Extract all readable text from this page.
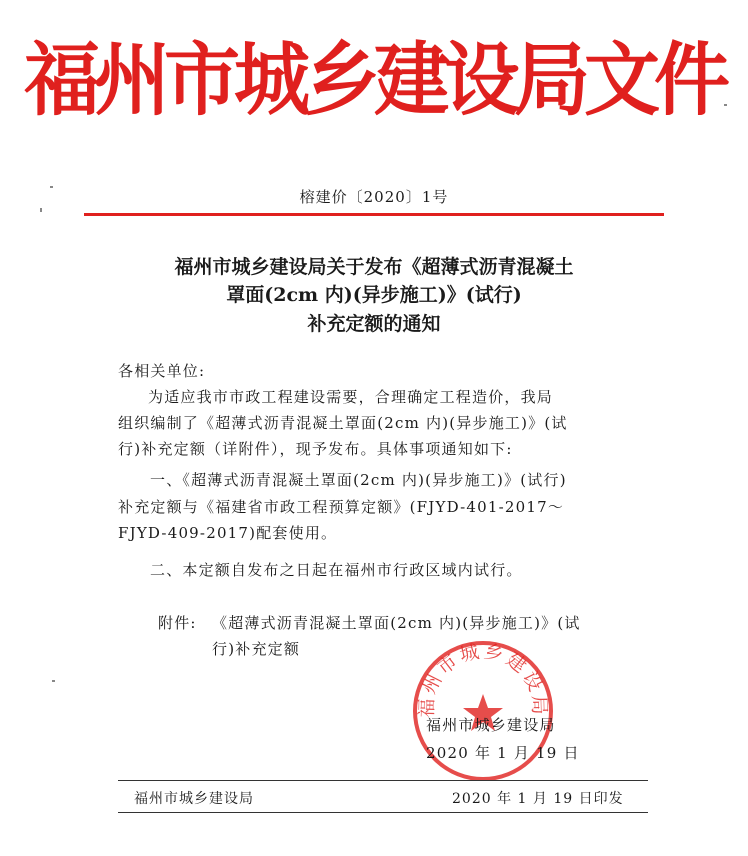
福州市城乡建设局文件
榕建价〔2020〕1号
福州市城乡建设局关于发布《超薄式沥青混凝土
罩面(2cm 内)(异步施工)》(试行)
补充定额的通知
各相关单位:
为适应我市市政工程建设需要，合理确定工程造价，我局
组织编制了《超薄式沥青混凝土罩面(2cm 内)(异步施工)》(试
行)补充定额（详附件），现予发布。具体事项通知如下:
一、《超薄式沥青混凝土罩面(2cm 内)(异步施工)》(试行)
补充定额与《福建省市政工程预算定额》(FJYD-401-2017～
FJYD-409-2017)配套使用。
二、本定额自发布之日起在福州市行政区域内试行。
附件: 《超薄式沥青混凝土罩面(2cm 内)(异步施工)》(试
行)补充定额
福州市城乡建设局
福州市城乡建设局
2020 年 1 月 19 日
福州市城乡建设局	2020 年 1 月 19 日印发
